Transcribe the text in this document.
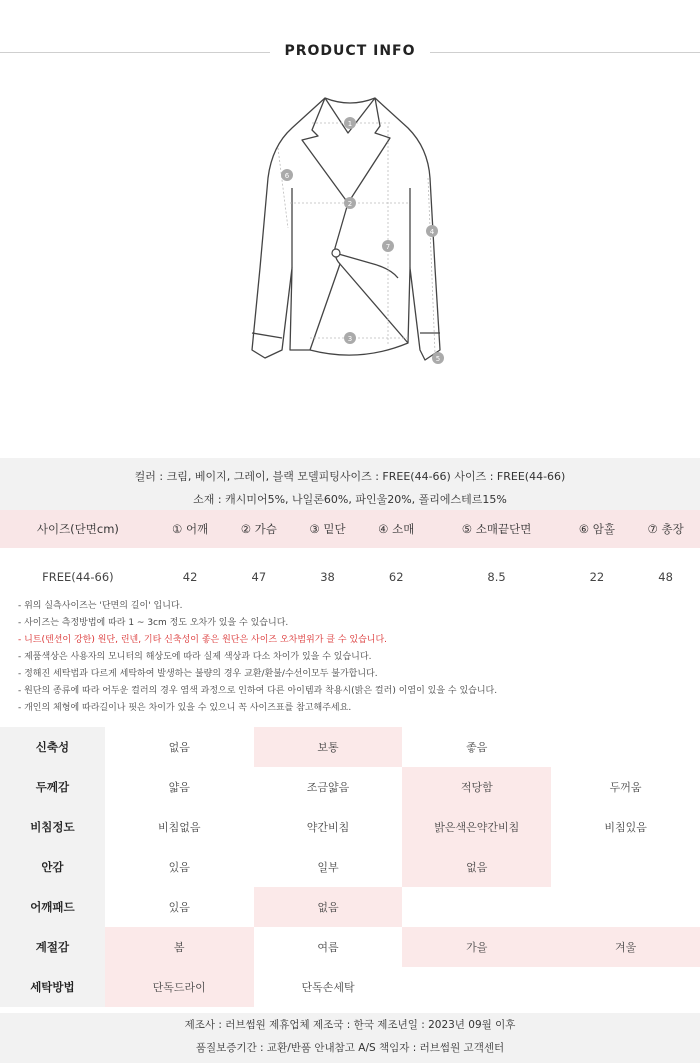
PRODUCT INFO
1
2
3
4
5
6
7
컬러 : 크림, 베이지, 그레이, 블랙 모델피팅사이즈 : FREE(44-66) 사이즈 : FREE(44-66)
소재 : 캐시미어5%, 나일론60%, 파인울20%, 폴리에스테르15%
사이즈(단면cm)	① 어깨	② 가슴	③ 밑단	④ 소매	⑤ 소매끝단면	⑥ 암홀	⑦ 총장
FREE(44-66)	42	47	38	62	8.5	22	48
- 위의 실측사이즈는 '단면의 길이' 입니다.
- 사이즈는 측정방법에 따라 1 ~ 3cm 정도 오차가 있을 수 있습니다.
- 니트(텐션이 강한) 원단, 린넨, 기타 신축성이 좋은 원단은 사이즈 오차범위가 클 수 있습니다.
- 제품색상은 사용자의 모니터의 해상도에 따라 실제 색상과 다소 차이가 있을 수 있습니다.
- 정해진 세탁법과 다르게 세탁하여 발생하는 불량의 경우 교환/환불/수선이모두 불가합니다.
- 원단의 종류에 따라 어두운 컬러의 경우 염색 과정으로 인하여 다른 아이템과 착용시(밝은 컬러) 이염이 있을 수 있습니다.
- 개인의 체형에 따라길이나 핏은 차이가 있을 수 있으니 꼭 사이즈표를 참고해주세요.
신축성	없음	보통	좋음
두께감	얇음	조금얇음	적당함	두꺼움
비침정도	비침없음	약간비침	밝은색은약간비침	비침있음
안감	있음	일부	없음
어깨패드	있음	없음
계절감	봄	여름	가을	겨울
세탁방법	단독드라이	단독손세탁
제조사 : 러브썸원 제휴업체 제조국 : 한국 제조년일 : 2023년 09월 이후
품질보증기간 : 교환/반품 안내참고 A/S 책임자 : 러브썸원 고객센터
